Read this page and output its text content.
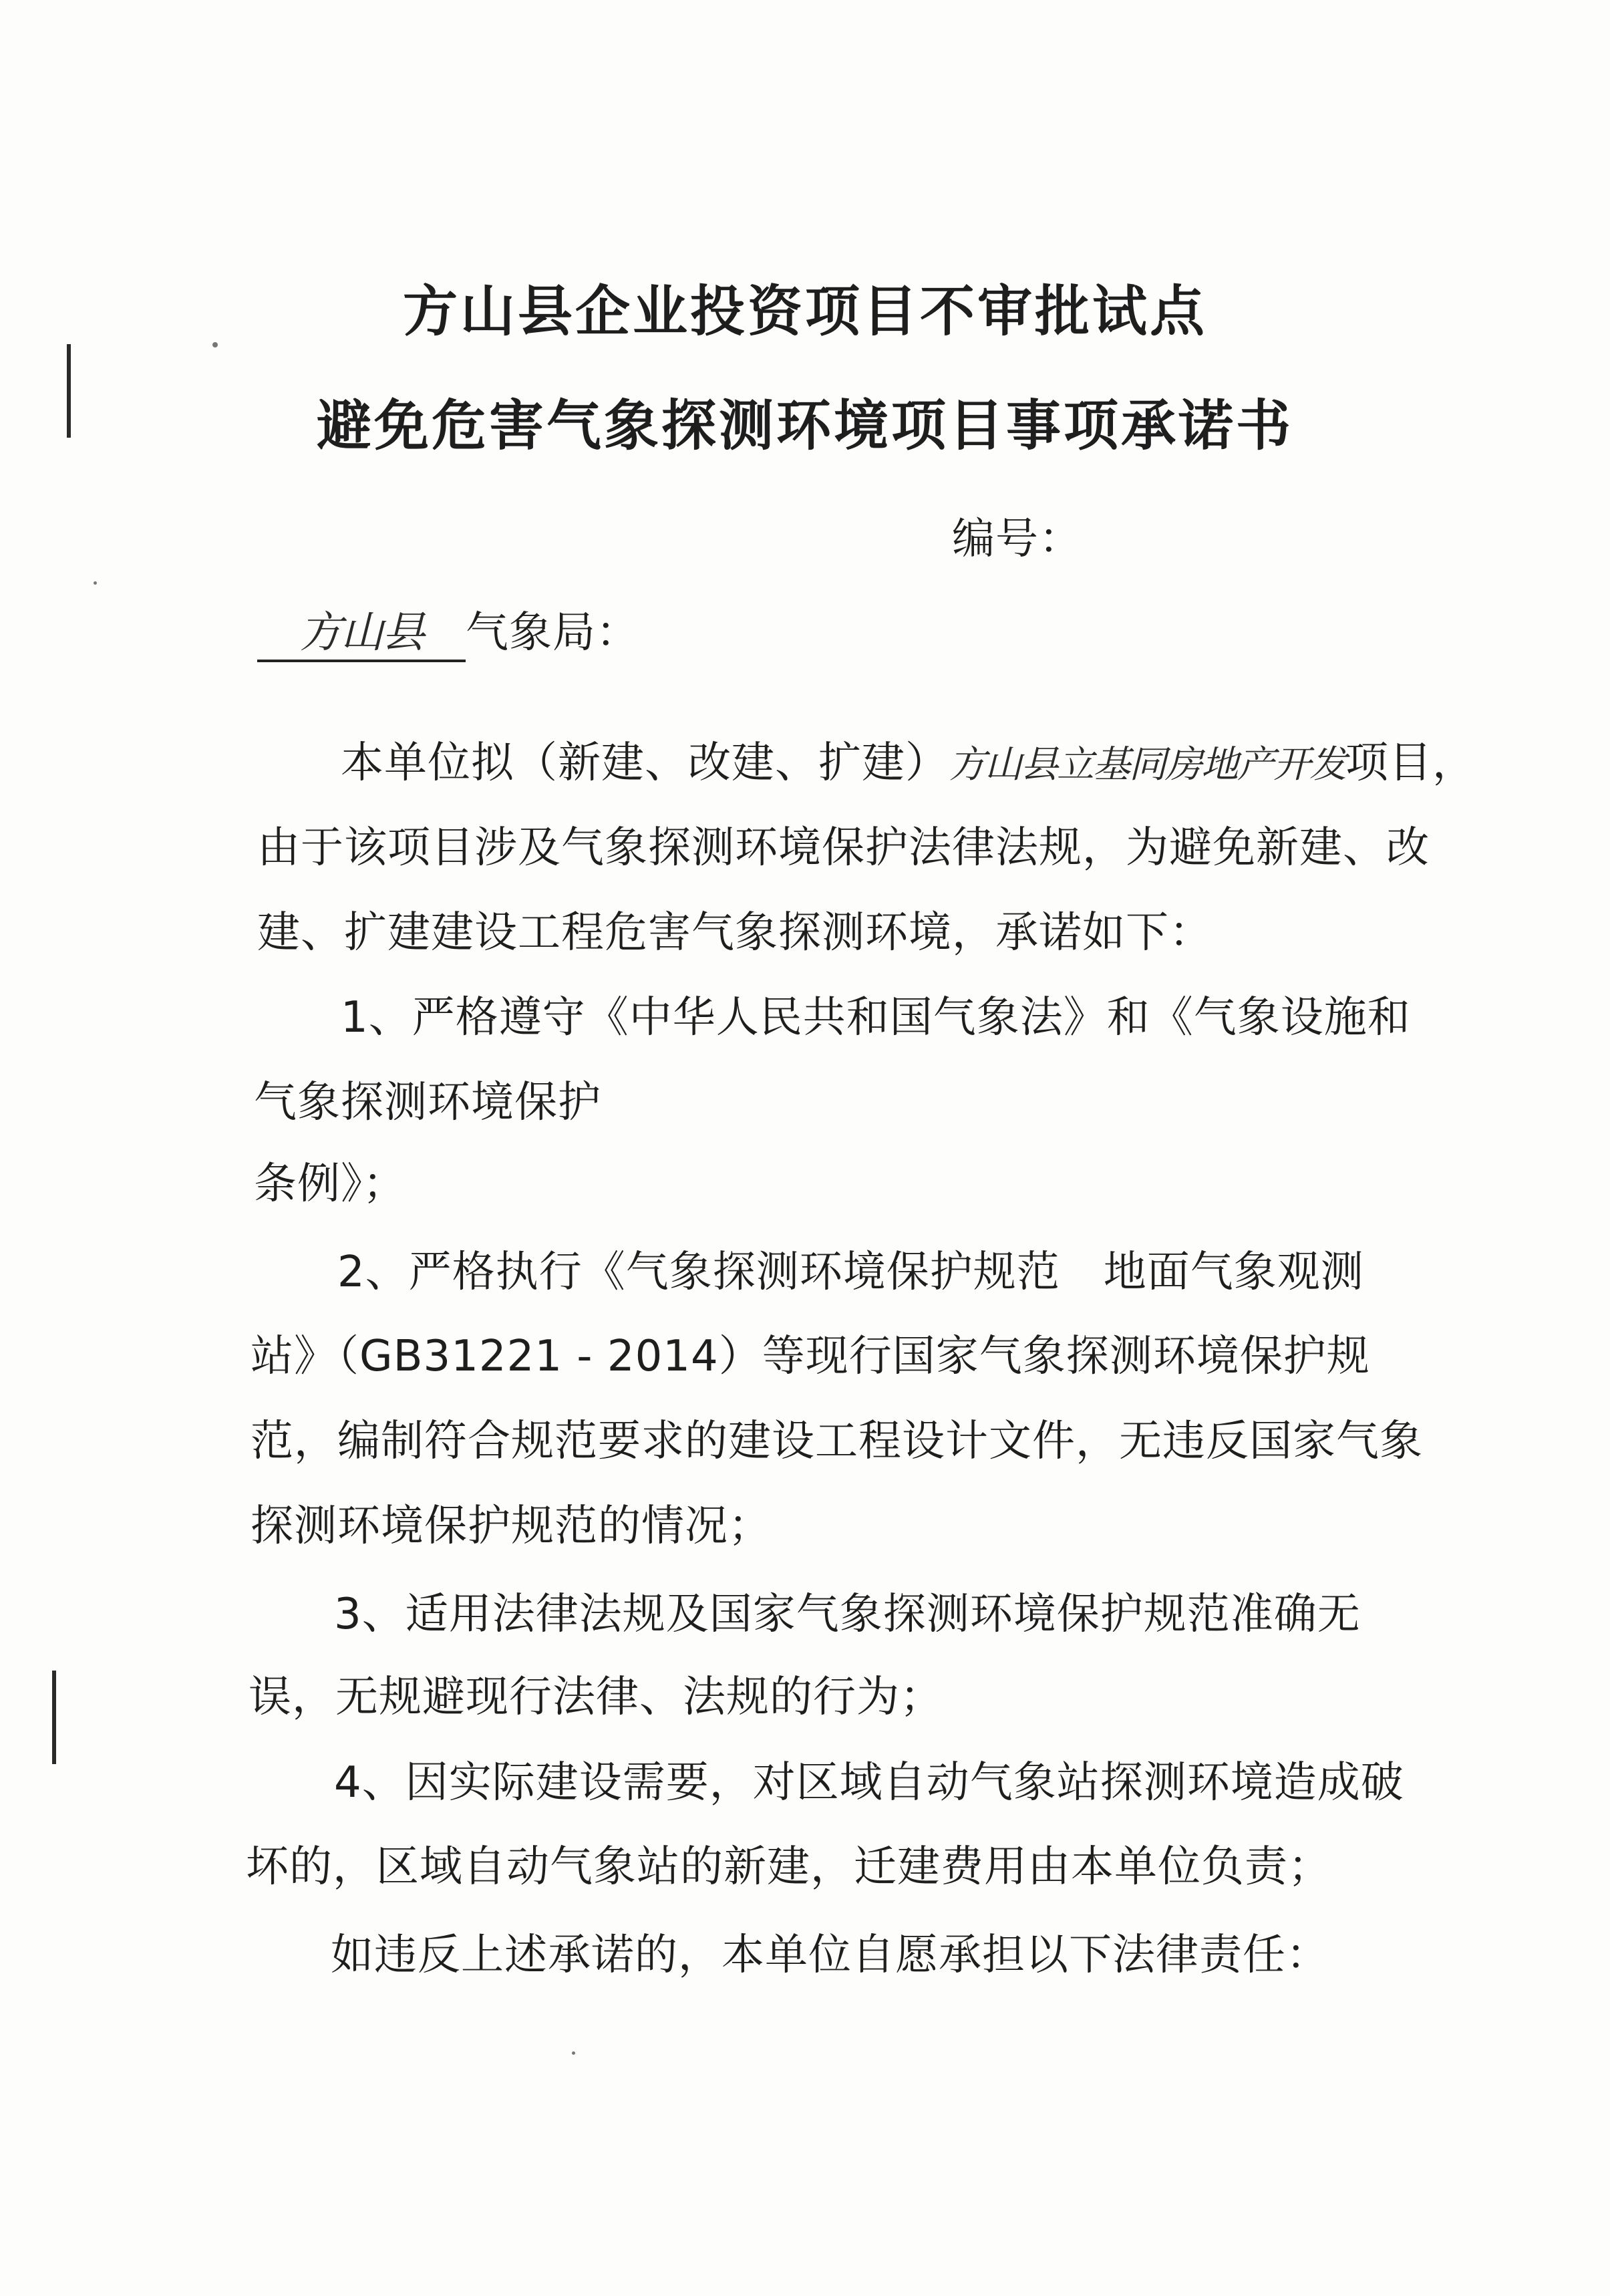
方山县企业投资项目不审批试点
避免危害气象探测环境项目事项承诺书
编号：
方山县 气象局：
本单位拟（新建、改建、扩建）方山县立基同房地产开发项目，
由于该项目涉及气象探测环境保护法律法规，为避免新建、改
建、扩建建设工程危害气象探测环境，承诺如下：
1、严格遵守《中华人民共和国气象法》和《气象设施和
气象探测环境保护
条例》；
2、严格执行《气象探测环境保护规范　地面气象观测
站》（GB31221 - 2014）等现行国家气象探测环境保护规
范，编制符合规范要求的建设工程设计文件，无违反国家气象
探测环境保护规范的情况；
3、适用法律法规及国家气象探测环境保护规范准确无
误，无规避现行法律、法规的行为；
4、因实际建设需要，对区域自动气象站探测环境造成破
坏的，区域自动气象站的新建，迁建费用由本单位负责；
如违反上述承诺的，本单位自愿承担以下法律责任：
